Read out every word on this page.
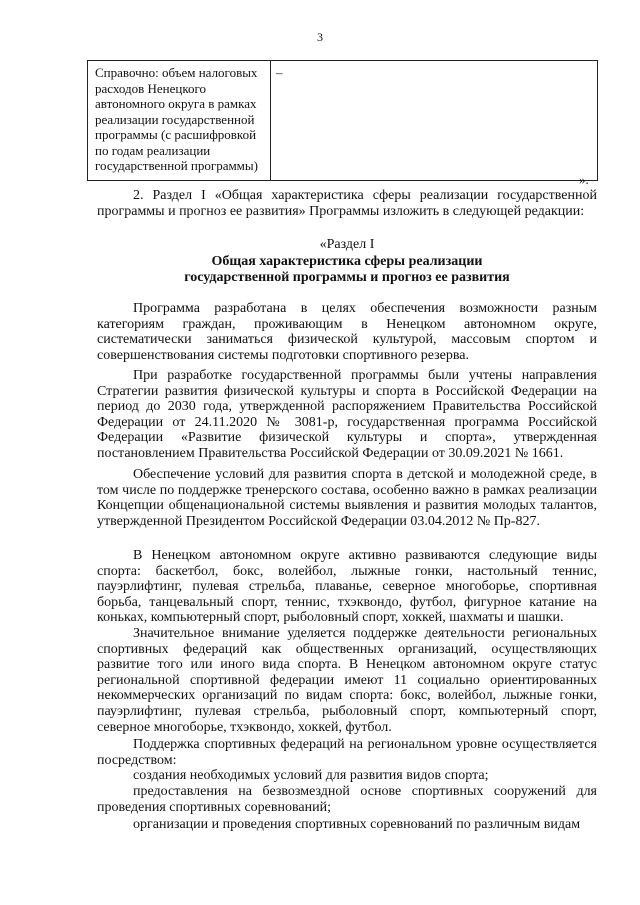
3
Справочно: объем налоговых расходов Ненецкого автономного округа в рамках реализации государственной программы (с расшифровкой по годам реализации государственной программы)	–
».
2. Раздел I «Общая характеристика сферы реализации государственной программы и прогноз ее развития» Программы изложить в следующей редакции:
«Раздел I
Общая характеристика сферы реализации
государственной программы и прогноз ее развития
Программа разработана в целях обеспечения возможности разным категориям граждан, проживающим в Ненецком автономном округе, систематически заниматься физической культурой, массовым спортом и совершенствования системы подготовки спортивного резерва.
При разработке государственной программы были учтены направления Стратегии развития физической культуры и спорта в Российской Федерации на период до 2030 года, утвержденной распоряжением Правительства Российской Федерации от 24.11.2020 № 3081-р, государственная программа Российской Федерации «Развитие физической культуры и спорта», утвержденная постановлением Правительства Российской Федерации от 30.09.2021 № 1661.
Обеспечение условий для развития спорта в детской и молодежной среде, в том числе по поддержке тренерского состава, особенно важно в рамках реализации Концепции общенациональной системы выявления и развития молодых талантов, утвержденной Президентом Российской Федерации 03.04.2012 № Пр-827.
В Ненецком автономном округе активно развиваются следующие виды спорта: баскетбол, бокс, волейбол, лыжные гонки, настольный теннис, пауэрлифтинг, пулевая стрельба, плаванье, северное многоборье, спортивная борьба, танцевальный спорт, теннис, тхэквондо, футбол, фигурное катание на коньках, компьютерный спорт, рыболовный спорт, хоккей, шахматы и шашки.
Значительное внимание уделяется поддержке деятельности региональных спортивных федераций как общественных организаций, осуществляющих развитие того или иного вида спорта. В Ненецком автономном округе статус региональной спортивной федерации имеют 11 социально ориентированных некоммерческих организаций по видам спорта: бокс, волейбол, лыжные гонки, пауэрлифтинг, пулевая стрельба, рыболовный спорт, компьютерный спорт, северное многоборье, тхэквондо, хоккей, футбол.
Поддержка спортивных федераций на региональном уровне осуществляется посредством:
создания необходимых условий для развития видов спорта;
предоставления на безвозмездной основе спортивных сооружений для проведения спортивных соревнований;
организации и проведения спортивных соревнований по различным видам
